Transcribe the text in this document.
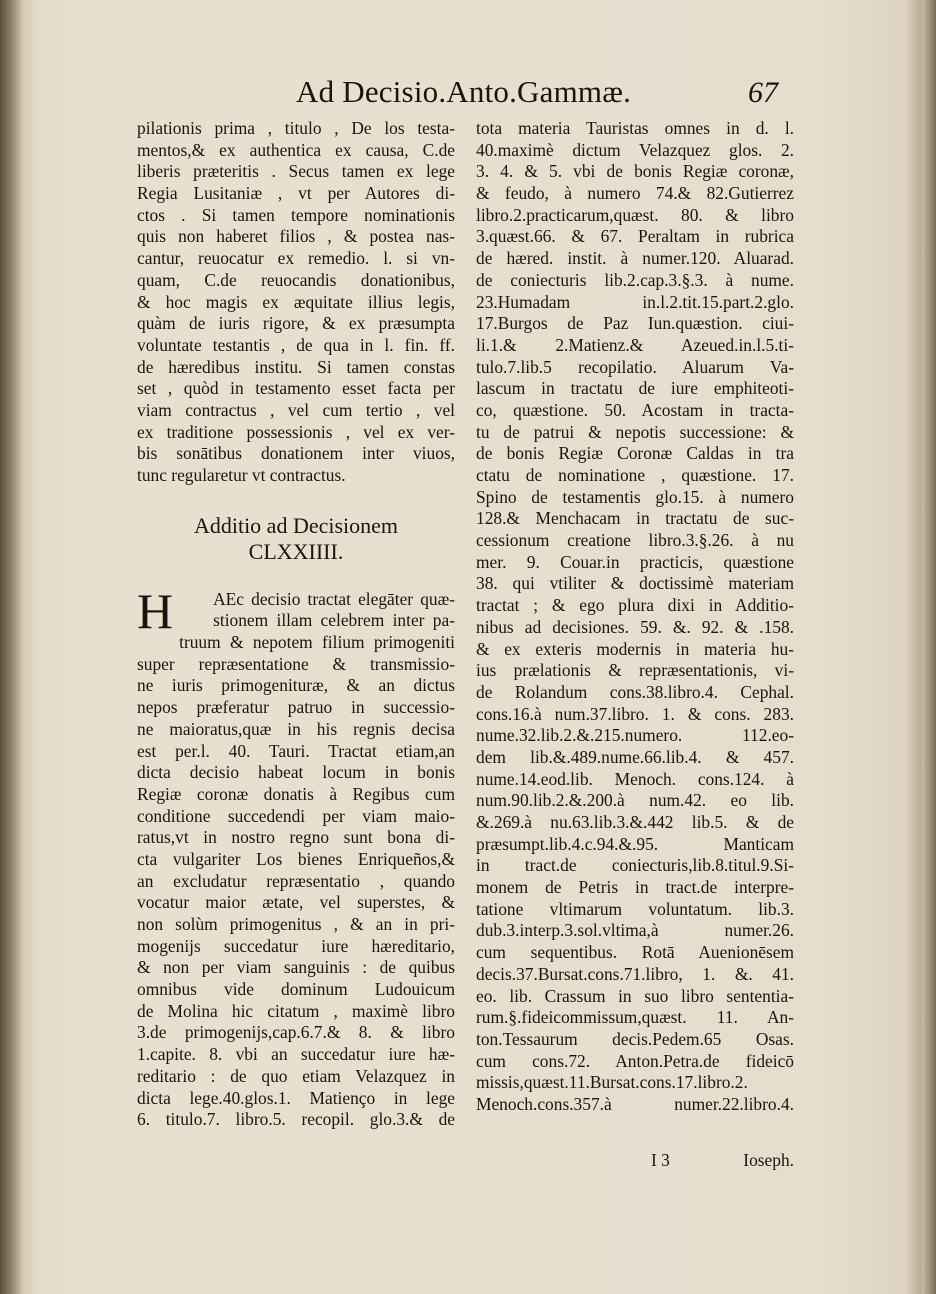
Ad Decisio.Anto.Gammæ.	67
pilationis prima , titulo , De los testa-
mentos,& ex authentica ex causa, C.de
liberis præteritis . Secus tamen ex lege
Regia Lusitaniæ , vt per Autores di-
ctos . Si tamen tempore nominationis
quis non haberet filios , & postea nas-
cantur, reuocatur ex remedio. l. si vn-
quam, C.de reuocandis donationibus,
& hoc magis ex æquitate illius legis,
quàm de iuris rigore, & ex præsumpta
voluntate testantis , de qua in l. fin. ff.
de hæredibus institu. Si tamen constas
set , quòd in testamento esset facta per
viam contractus , vel cum tertio , vel
ex traditione possessionis , vel ex ver-
bis sonātibus donationem inter viuos,
tunc regularetur vt contractus.
Additio ad Decisionem
CLXXIIII.
H	AEc decisio tractat elegāter quæ-
stionem illam celebrem inter pa-
truum & nepotem filium primogeniti
super repræsentatione & transmissio-
ne iuris primogenituræ, & an dictus
nepos præferatur patruo in successio-
ne maioratus,quæ in his regnis decisa
est per.l. 40. Tauri. Tractat etiam,an
dicta decisio habeat locum in bonis
Regiæ coronæ donatis à Regibus cum
conditione succedendi per viam maio-
ratus,vt in nostro regno sunt bona di-
cta vulgariter Los bienes Enriqueños,&
an excludatur repræsentatio , quando
vocatur maior ætate, vel superstes, &
non solùm primogenitus , & an in pri-
mogenijs succedatur iure hæreditario,
& non per viam sanguinis : de quibus
omnibus vide dominum Ludouicum
de Molina hic citatum , maximè libro
3.de primogenijs,cap.6.7.& 8. & libro
1.capite. 8. vbi an succedatur iure hæ-
reditario : de quo etiam Velazquez in
dicta lege.40.glos.1. Matienço in lege
6. titulo.7. libro.5. recopil. glo.3.& de
tota materia Tauristas omnes in d. l.
40.maximè dictum Velazquez glos. 2.
3. 4. & 5. vbi de bonis Regiæ coronæ,
& feudo, à numero 74.& 82.Gutierrez
libro.2.practicarum,quæst. 80. & libro
3.quæst.66. & 67. Peraltam in rubrica
de hæred. instit. à numer.120. Aluarad.
de coniecturis lib.2.cap.3.§.3. à nume.
23.Humadam in.l.2.tit.15.part.2.glo.
17.Burgos de Paz Iun.quæstion. ciui-
li.1.& 2.Matienz.& Azeued.in.l.5.ti-
tulo.7.lib.5 recopilatio. Aluarum Va-
lascum in tractatu de iure emphiteoti-
co, quæstione. 50. Acostam in tracta-
tu de patrui & nepotis successione: &
de bonis Regiæ Coronæ Caldas in tra
ctatu de nominatione , quæstione. 17.
Spino de testamentis glo.15. à numero
128.& Menchacam in tractatu de suc-
cessionum creatione libro.3.§.26. à nu
mer. 9. Couar.in practicis, quæstione
38. qui vtiliter & doctissimè materiam
tractat ; & ego plura dixi in Additio-
nibus ad decisiones. 59. &. 92. & .158.
& ex exteris modernis in materia hu-
ius prælationis & repræsentationis, vi-
de Rolandum cons.38.libro.4. Cephal.
cons.16.à num.37.libro. 1. & cons. 283.
nume.32.lib.2.&.215.numero. 112.eo-
dem lib.&.489.nume.66.lib.4. & 457.
nume.14.eod.lib. Menoch. cons.124. à
num.90.lib.2.&.200.à num.42. eo lib.
&.269.à nu.63.lib.3.&.442 lib.5. & de
præsumpt.lib.4.c.94.&.95. Manticam
in tract.de coniecturis,lib.8.titul.9.Si-
monem de Petris in tract.de interpre-
tatione vltimarum voluntatum. lib.3.
dub.3.interp.3.sol.vltima,à numer.26.
cum sequentibus. Rotā Auenionēsem
decis.37.Bursat.cons.71.libro, 1. &. 41.
eo. lib. Crassum in suo libro sententia-
rum.§.fideicommissum,quæst. 11. An-
ton.Tessaurum decis.Pedem.65 Osas.
cum cons.72. Anton.Petra.de fideicō
missis,quæst.11.Bursat.cons.17.libro.2.
Menoch.cons.357.à numer.22.libro.4.
I 3	Ioseph.
